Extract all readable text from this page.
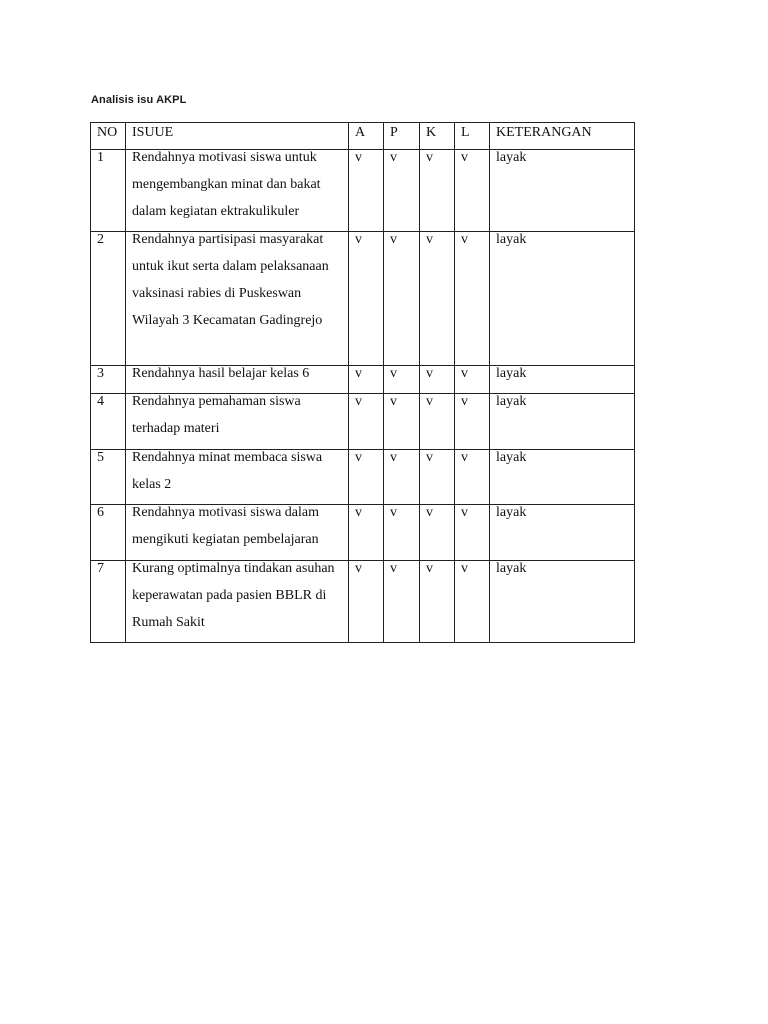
Analisis isu AKPL
NO	ISUUE	A	P	K	L	KETERANGAN

1	Rendahnya motivasi siswa untuk mengembangkan minat dan bakat dalam kegiatan ektrakulikuler	v	v	v	v	layak

2	Rendahnya partisipasi masyarakat untuk ikut serta dalam pelaksanaan vaksinasi rabies di Puskeswan Wilayah 3 Kecamatan Gadingrejo	v	v	v	v	layak

3	Rendahnya hasil belajar kelas 6	v	v	v	v	layak

4	Rendahnya pemahaman siswa terhadap materi	v	v	v	v	layak

5	Rendahnya minat membaca siswa kelas 2	v	v	v	v	layak

6	Rendahnya motivasi siswa dalam mengikuti kegiatan pembelajaran	v	v	v	v	layak

7	Kurang optimalnya tindakan asuhan keperawatan pada pasien BBLR di Rumah Sakit	v	v	v	v	layak
